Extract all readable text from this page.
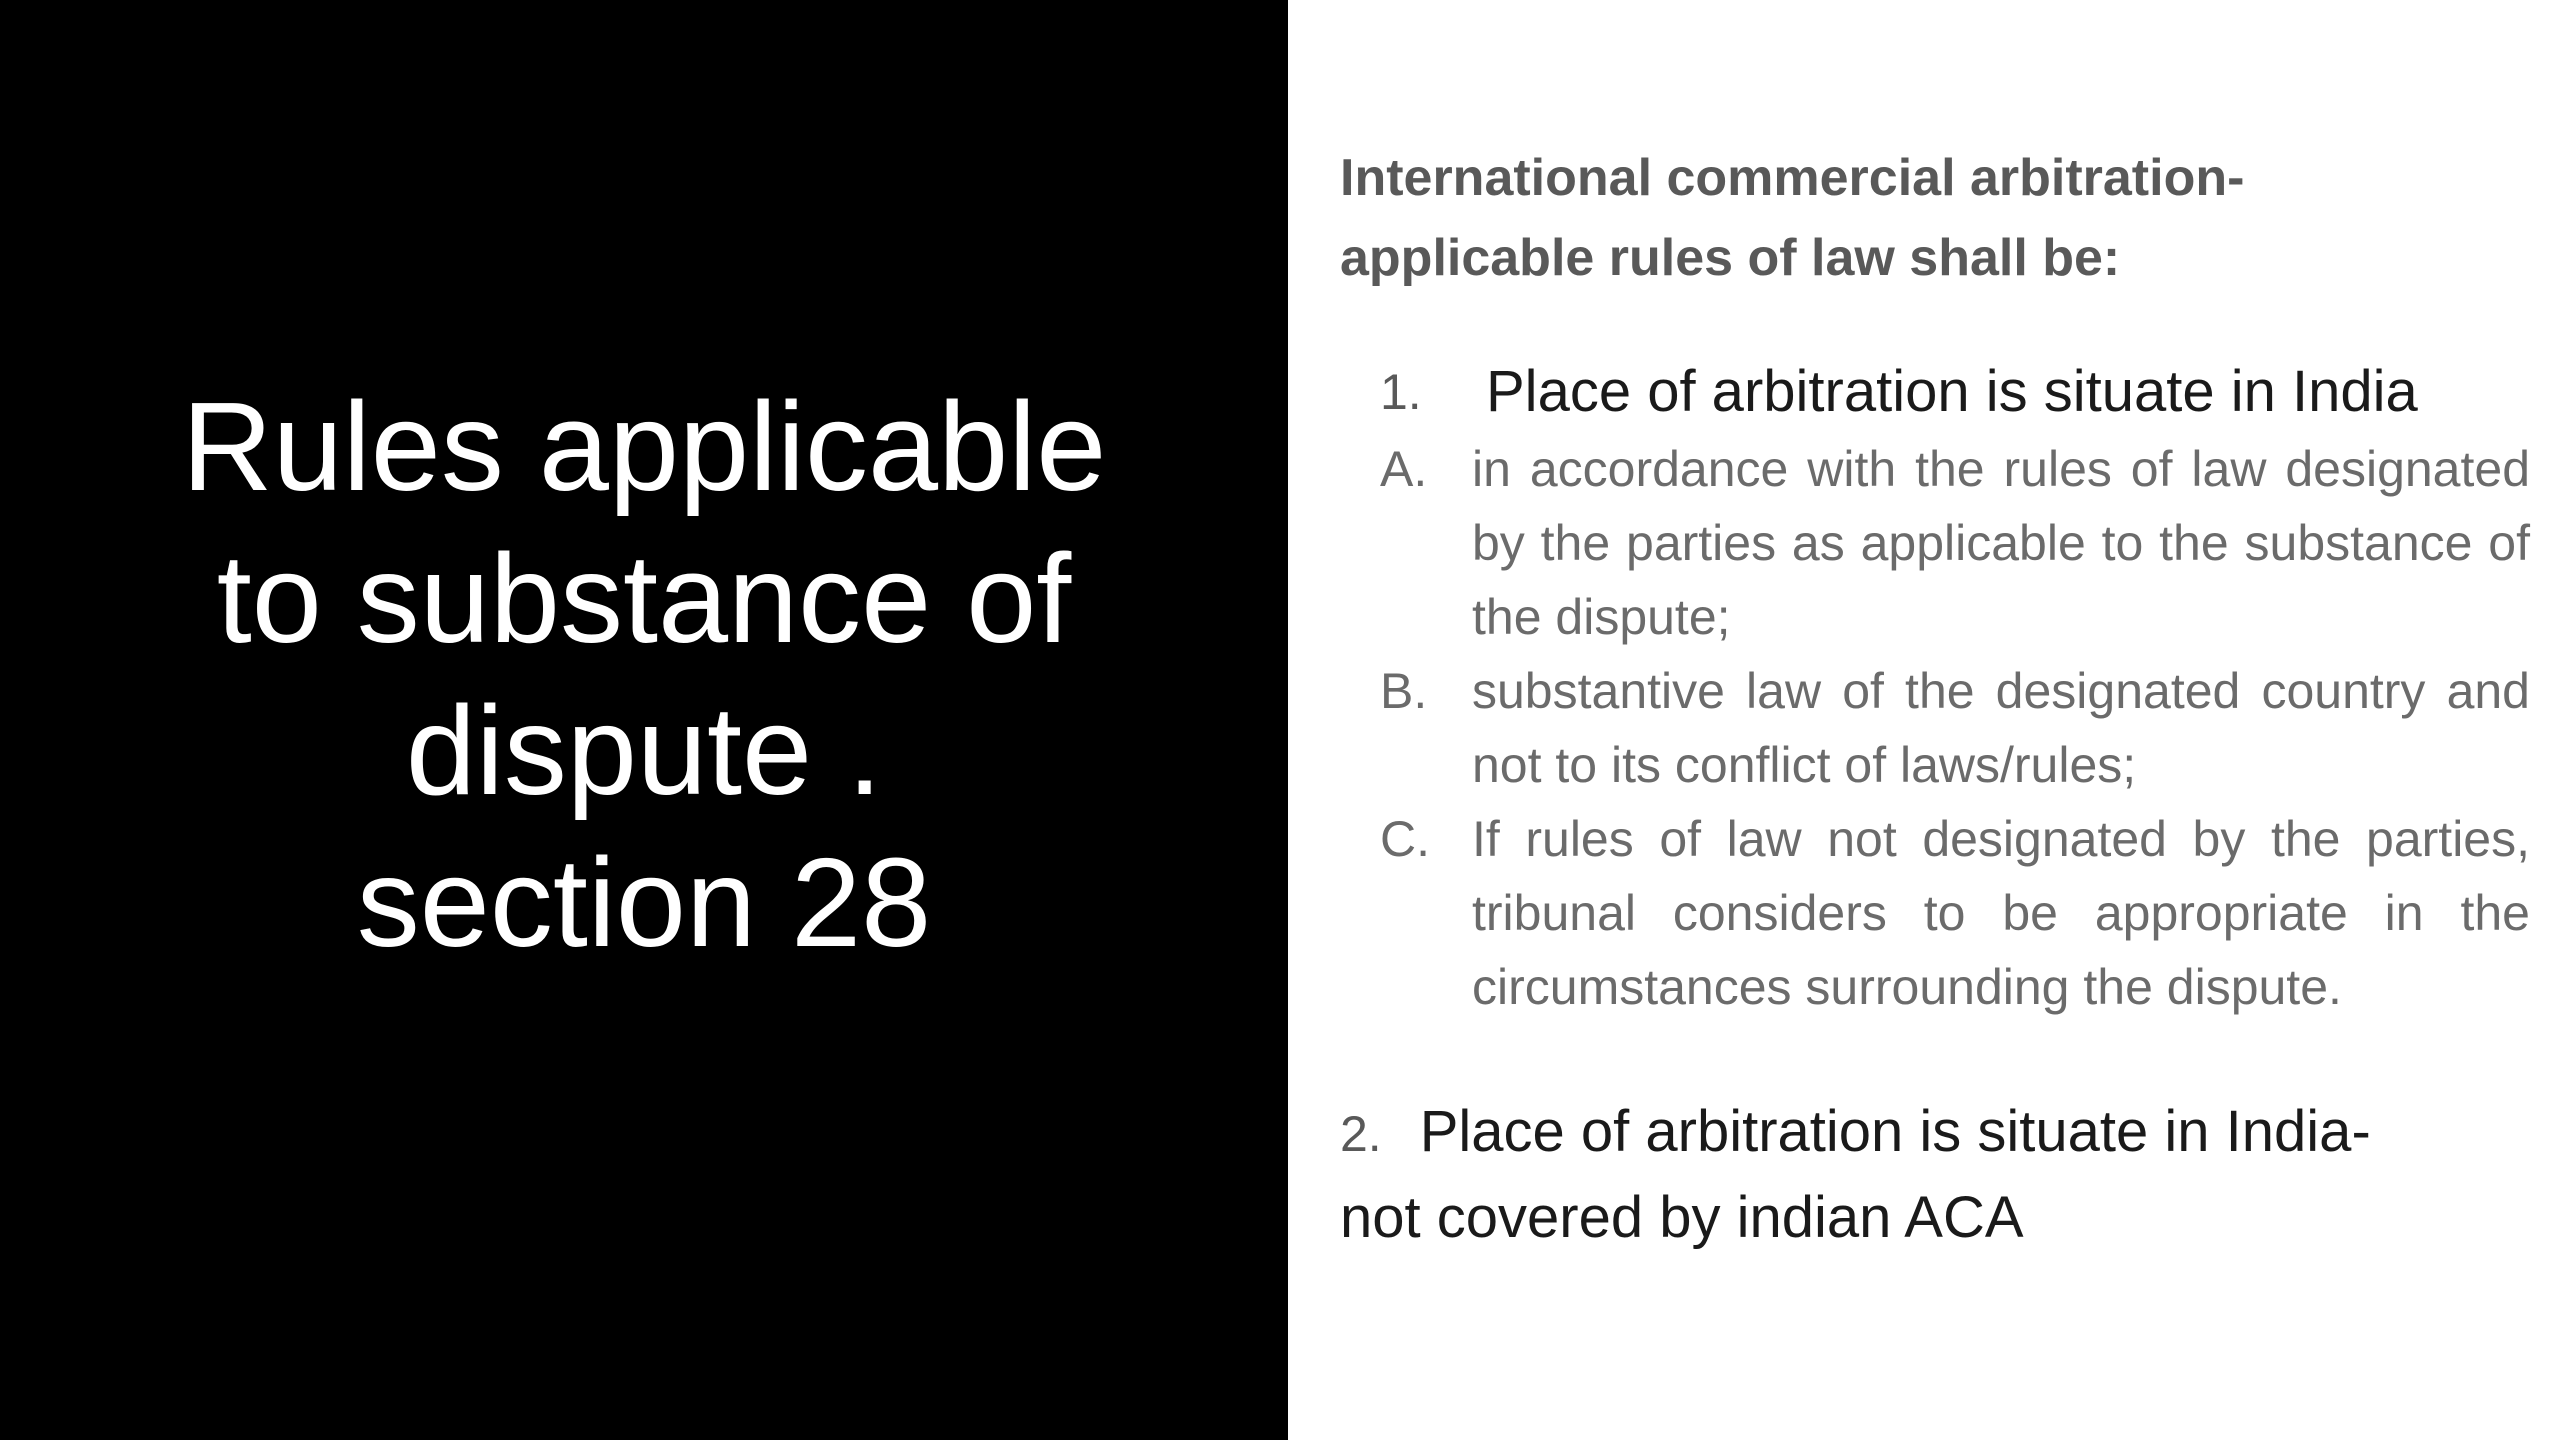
Rules applicable
to substance of
dispute .
section 28
International commercial arbitration-
applicable rules of law shall be:
1.	Place of arbitration is situate in India
A. in accordance with the rules of law designated by the parties as applicable to the substance of the dispute;
B. substantive law of the designated country and not to its conflict of laws/rules;
C. If rules of law not designated by the parties, tribunal considers to be appropriate in the circumstances surrounding the dispute.
2. Place of arbitration is situate in India-
not covered by indian ACA
